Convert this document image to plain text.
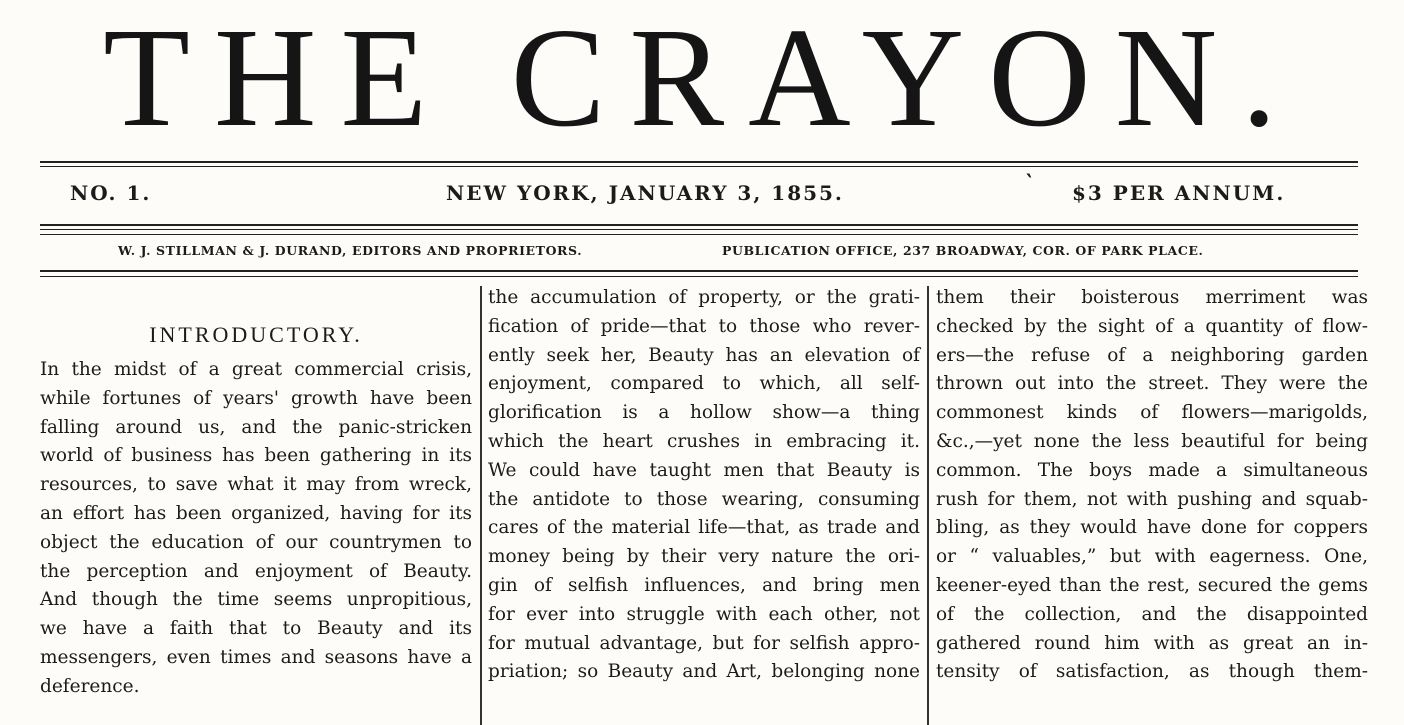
THE CRAYON.
NO. 1.	NEW YORK, JANUARY 3, 1855.	$3 PER ANNUM.
W. J. STILLMAN & J. DURAND, EDITORS AND PROPRIETORS.	PUBLICATION OFFICE, 237 BROADWAY, COR. OF PARK PLACE.
INTRODUCTORY.

In the midst of a great commercial crisis,

while fortunes of years' growth have been

falling around us, and the panic-stricken

world of business has been gathering in its

resources, to save what it may from wreck,

an effort has been organized, having for its

object the education of our countrymen to

the perception and enjoyment of Beauty.

And though the time seems unpropitious,

we have a faith that to Beauty and its

messengers, even times and seasons have a

deference.

the accumulation of property, or the grati-

fication of pride—that to those who rever-

ently seek her, Beauty has an elevation of

enjoyment, compared to which, all self-

glorification is a hollow show—a thing

which the heart crushes in embracing it.

We could have taught men that Beauty is

the antidote to those wearing, consuming

cares of the material life—that, as trade and

money being by their very nature the ori-

gin of selfish influences, and bring men

for ever into struggle with each other, not

for mutual advantage, but for selfish appro-

priation; so Beauty and Art, belonging none

them their boisterous merriment was

checked by the sight of a quantity of flow-

ers—the refuse of a neighboring garden

thrown out into the street. They were the

commonest kinds of flowers—marigolds,

&c.,—yet none the less beautiful for being

common. The boys made a simultaneous

rush for them, not with pushing and squab-

bling, as they would have done for coppers

or “ valuables,” but with eagerness. One,

keener-eyed than the rest, secured the gems

of the collection, and the disappointed

gathered round him with as great an in-

tensity of satisfaction, as though them-

‵
